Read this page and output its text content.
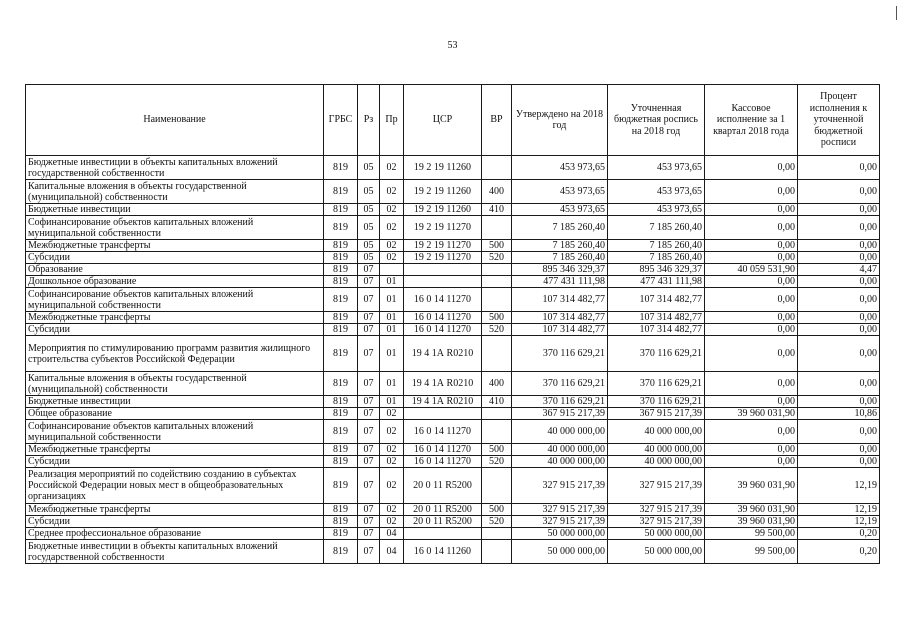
53
Наименование	ГРБС	Рз	Пр	ЦСР	ВР	Утверждено на 2018 год	Уточненная бюджетная роспись на 2018 год	Кассовое исполнение за 1 квартал 2018 года	Процент исполнения к уточненной бюджетной росписи
Бюджетные инвестиции в объекты капитальных вложений государственной собственности	819	05	02	19 2 19 11260		453 973,65	453 973,65	0,00	0,00
Капитальные вложения в объекты государственной (муниципальной) собственности	819	05	02	19 2 19 11260	400	453 973,65	453 973,65	0,00	0,00
Бюджетные инвестиции	819	05	02	19 2 19 11260	410	453 973,65	453 973,65	0,00	0,00
Софинансирование объектов капитальных вложений муниципальной собственности	819	05	02	19 2 19 11270		7 185 260,40	7 185 260,40	0,00	0,00
Межбюджетные трансферты	819	05	02	19 2 19 11270	500	7 185 260,40	7 185 260,40	0,00	0,00
Субсидии	819	05	02	19 2 19 11270	520	7 185 260,40	7 185 260,40	0,00	0,00
Образование	819	07				895 346 329,37	895 346 329,37	40 059 531,90	4,47
Дошкольное образование	819	07	01			477 431 111,98	477 431 111,98	0,00	0,00
Софинансирование объектов капитальных вложений муниципальной собственности	819	07	01	16 0 14 11270		107 314 482,77	107 314 482,77	0,00	0,00
Межбюджетные трансферты	819	07	01	16 0 14 11270	500	107 314 482,77	107 314 482,77	0,00	0,00
Субсидии	819	07	01	16 0 14 11270	520	107 314 482,77	107 314 482,77	0,00	0,00
Мероприятия по стимулированию программ развития жилищного строительства субъектов Российской Федерации	819	07	01	19 4 1А R0210		370 116 629,21	370 116 629,21	0,00	0,00
Капитальные вложения в объекты государственной (муниципальной) собственности	819	07	01	19 4 1А R0210	400	370 116 629,21	370 116 629,21	0,00	0,00
Бюджетные инвестиции	819	07	01	19 4 1А R0210	410	370 116 629,21	370 116 629,21	0,00	0,00
Общее образование	819	07	02			367 915 217,39	367 915 217,39	39 960 031,90	10,86
Софинансирование объектов капитальных вложений муниципальной собственности	819	07	02	16 0 14 11270		40 000 000,00	40 000 000,00	0,00	0,00
Межбюджетные трансферты	819	07	02	16 0 14 11270	500	40 000 000,00	40 000 000,00	0,00	0,00
Субсидии	819	07	02	16 0 14 11270	520	40 000 000,00	40 000 000,00	0,00	0,00
Реализация мероприятий по содействию созданию в субъектах Российской Федерации новых мест в общеобразовательных организациях	819	07	02	20 0 11 R5200		327 915 217,39	327 915 217,39	39 960 031,90	12,19
Межбюджетные трансферты	819	07	02	20 0 11 R5200	500	327 915 217,39	327 915 217,39	39 960 031,90	12,19
Субсидии	819	07	02	20 0 11 R5200	520	327 915 217,39	327 915 217,39	39 960 031,90	12,19
Среднее профессиональное образование	819	07	04			50 000 000,00	50 000 000,00	99 500,00	0,20
Бюджетные инвестиции в объекты капитальных вложений государственной собственности	819	07	04	16 0 14 11260		50 000 000,00	50 000 000,00	99 500,00	0,20
